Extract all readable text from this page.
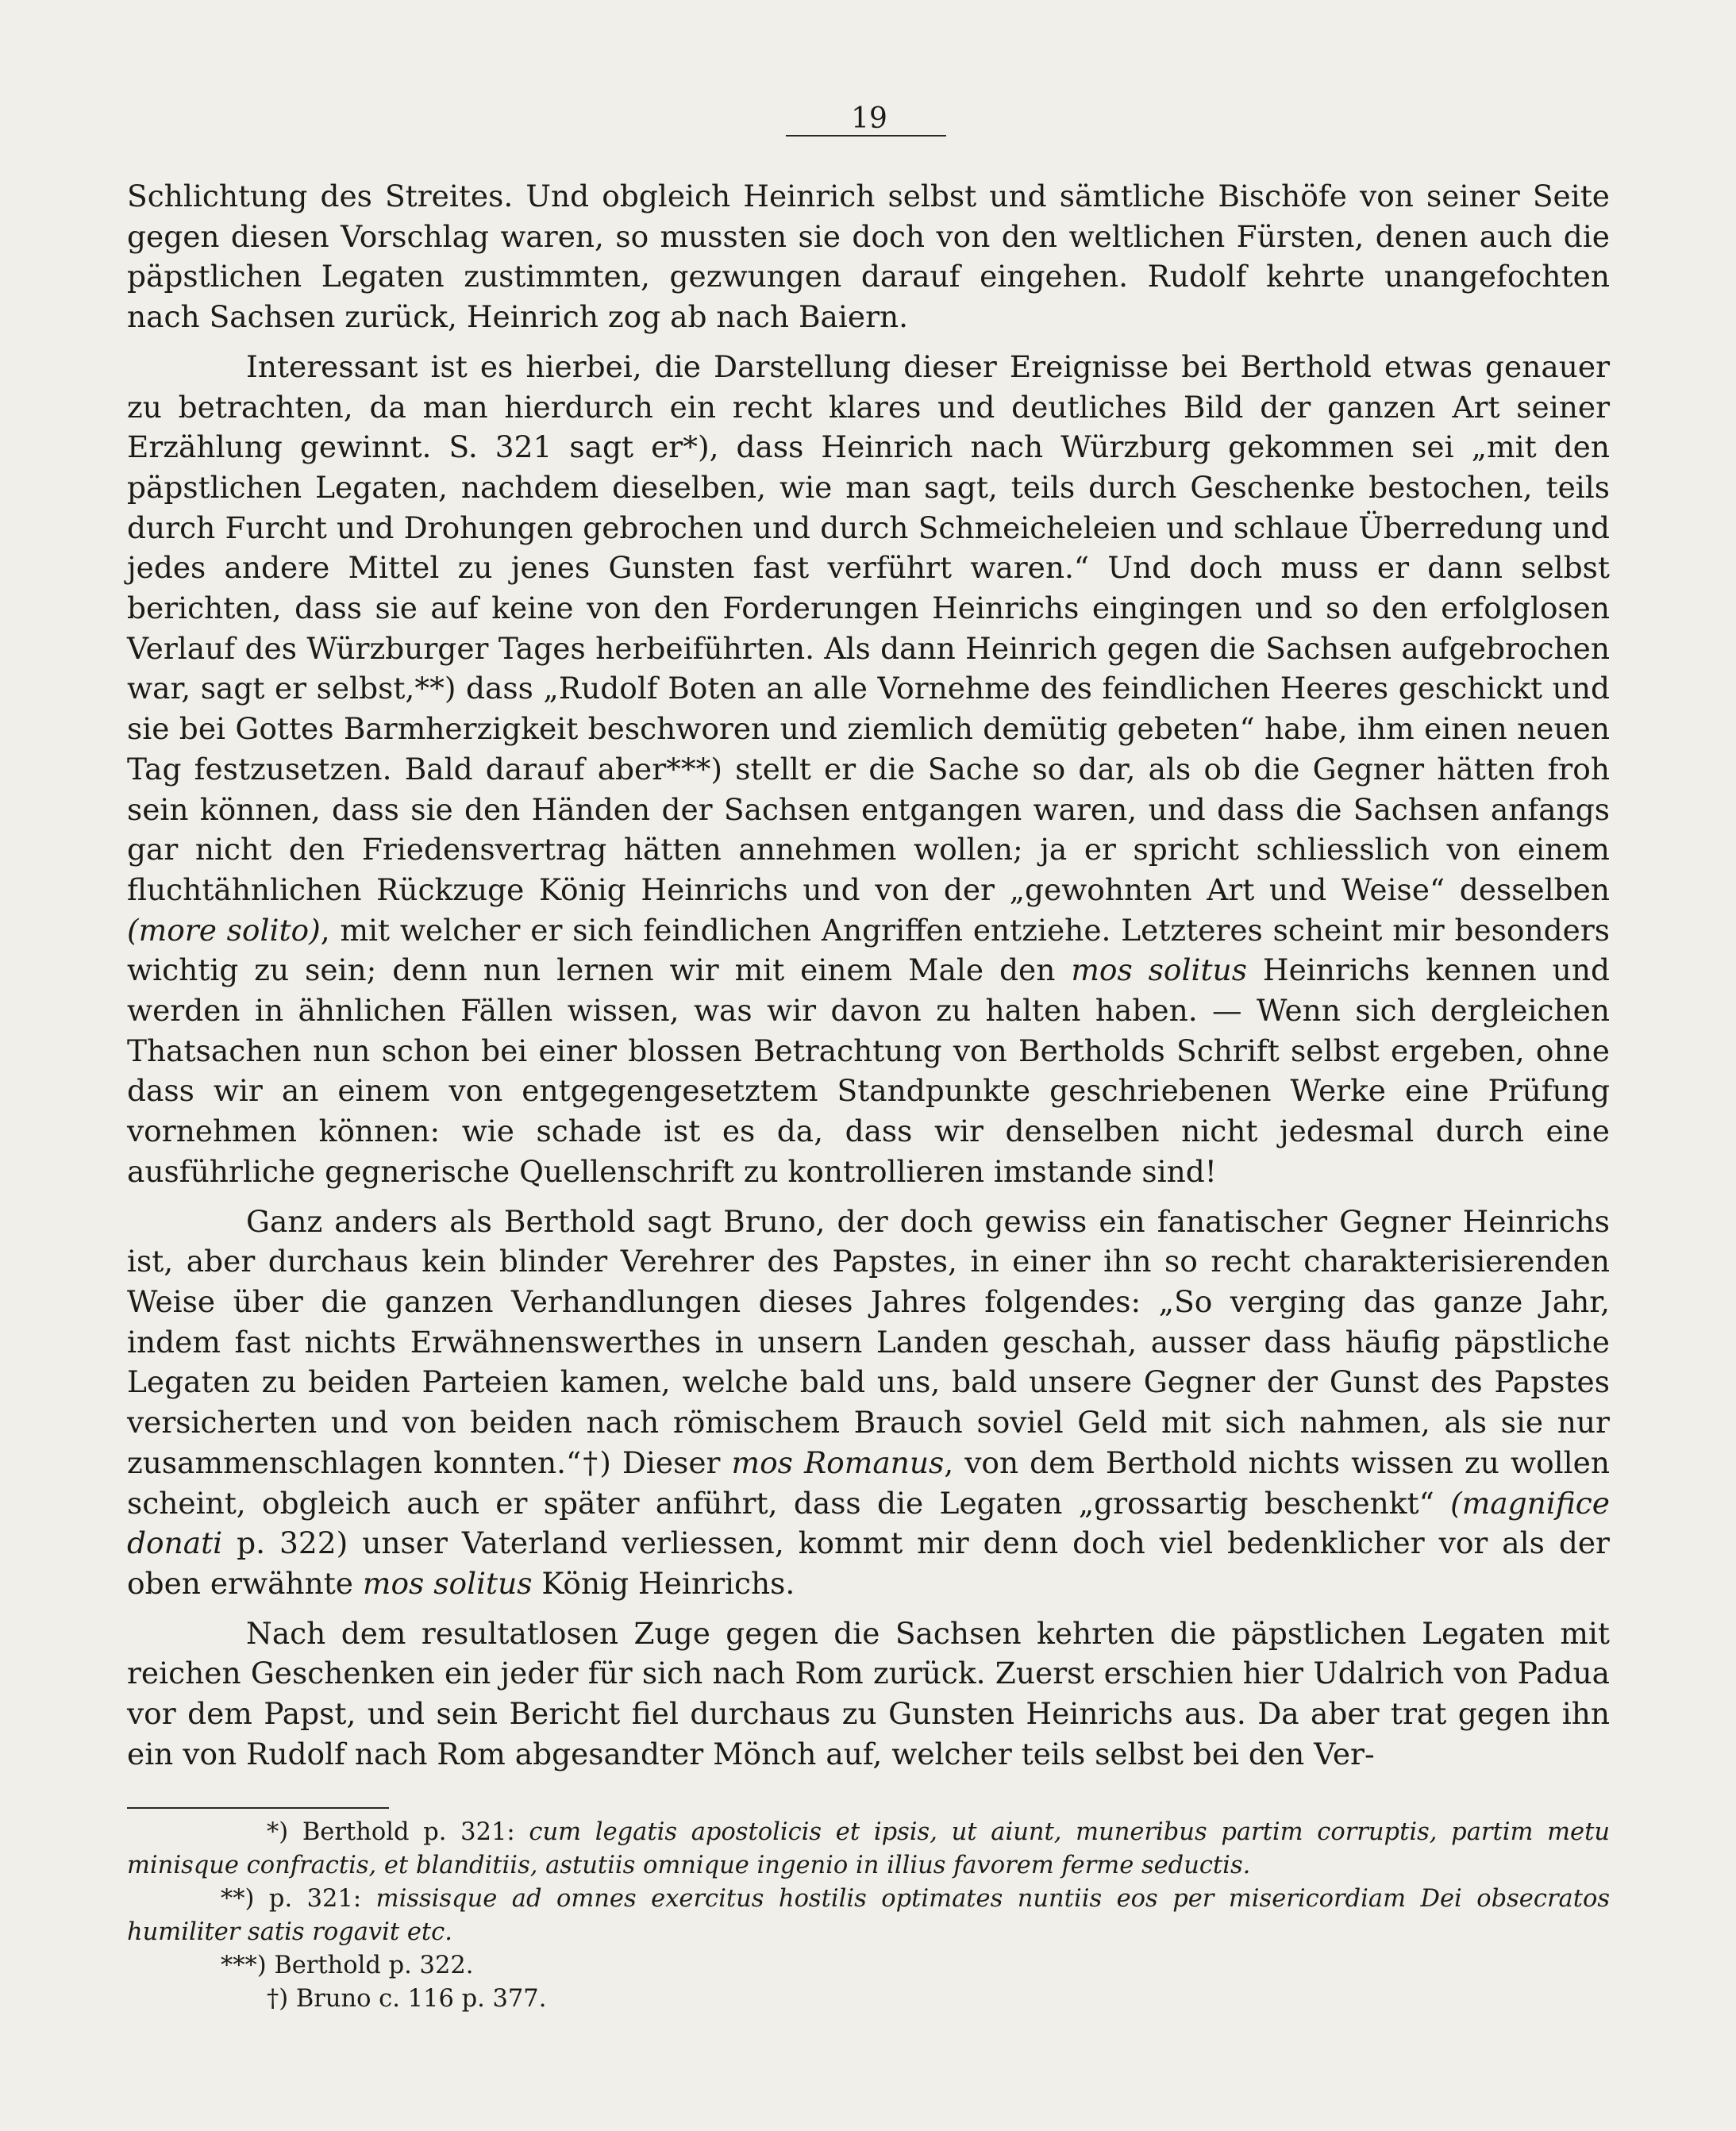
19

Schlichtung des Streites. Und obgleich Heinrich selbst und sämtliche Bischöfe von seiner Seite gegen diesen Vorschlag waren, so mussten sie doch von den weltlichen Fürsten, denen auch die päpstlichen Legaten zustimmten, gezwungen darauf eingehen. Rudolf kehrte unangefochten nach Sachsen zurück, Heinrich zog ab nach Baiern.

Interessant ist es hierbei, die Darstellung dieser Ereignisse bei Berthold etwas genauer zu betrachten, da man hierdurch ein recht klares und deutliches Bild der ganzen Art seiner Erzählung gewinnt. S. 321 sagt er*), dass Heinrich nach Würzburg gekommen sei „mit den päpstlichen Legaten, nachdem dieselben, wie man sagt, teils durch Geschenke bestochen, teils durch Furcht und Drohungen gebrochen und durch Schmeicheleien und schlaue Überredung und jedes andere Mittel zu jenes Gunsten fast verführt waren.“ Und doch muss er dann selbst berichten, dass sie auf keine von den Forderungen Heinrichs eingingen und so den erfolglosen Verlauf des Würzburger Tages herbeiführten. Als dann Heinrich gegen die Sachsen aufgebrochen war, sagt er selbst,**) dass „Rudolf Boten an alle Vornehme des feindlichen Heeres geschickt und sie bei Gottes Barmherzigkeit beschworen und ziemlich demütig gebeten“ habe, ihm einen neuen Tag festzusetzen. Bald darauf aber***) stellt er die Sache so dar, als ob die Gegner hätten froh sein können, dass sie den Händen der Sachsen entgangen waren, und dass die Sachsen anfangs gar nicht den Friedensvertrag hätten annehmen wollen; ja er spricht schliesslich von einem fluchtähnlichen Rückzuge König Heinrichs und von der „gewohnten Art und Weise“ desselben (more solito), mit welcher er sich feindlichen Angriffen entziehe. Letzteres scheint mir besonders wichtig zu sein; denn nun lernen wir mit einem Male den mos solitus Heinrichs kennen und werden in ähnlichen Fällen wissen, was wir davon zu halten haben. — Wenn sich dergleichen Thatsachen nun schon bei einer blossen Betrachtung von Bertholds Schrift selbst ergeben, ohne dass wir an einem von entgegengesetztem Standpunkte geschriebenen Werke eine Prüfung vornehmen können: wie schade ist es da, dass wir denselben nicht jedesmal durch eine ausführliche gegnerische Quellenschrift zu kontrollieren imstande sind!

Ganz anders als Berthold sagt Bruno, der doch gewiss ein fanatischer Gegner Heinrichs ist, aber durchaus kein blinder Verehrer des Papstes, in einer ihn so recht charakterisierenden Weise über die ganzen Verhandlungen dieses Jahres folgendes: „So verging das ganze Jahr, indem fast nichts Erwähnenswerthes in unsern Landen geschah, ausser dass häufig päpstliche Legaten zu beiden Parteien kamen, welche bald uns, bald unsere Gegner der Gunst des Papstes versicherten und von beiden nach römischem Brauch soviel Geld mit sich nahmen, als sie nur zusammenschlagen konnten.“†) Dieser mos Romanus, von dem Berthold nichts wissen zu wollen scheint, obgleich auch er später anführt, dass die Legaten „grossartig beschenkt“ (magnifice donati p. 322) unser Vaterland verliessen, kommt mir denn doch viel bedenklicher vor als der oben erwähnte mos solitus König Heinrichs.

Nach dem resultatlosen Zuge gegen die Sachsen kehrten die päpstlichen Legaten mit reichen Geschenken ein jeder für sich nach Rom zurück. Zuerst erschien hier Udalrich von Padua vor dem Papst, und sein Bericht fiel durchaus zu Gunsten Heinrichs aus. Da aber trat gegen ihn ein von Rudolf nach Rom abgesandter Mönch auf, welcher teils selbst bei den Ver-

*) Berthold p. 321: cum legatis apostolicis et ipsis, ut aiunt, muneribus partim corruptis, partim metu minisque confractis, et blanditiis, astutiis omnique ingenio in illius favorem ferme seductis.

**) p. 321: missisque ad omnes exercitus hostilis optimates nuntiis eos per misericordiam Dei obsecratos humiliter satis rogavit etc.

***) Berthold p. 322.

†) Bruno c. 116 p. 377.
